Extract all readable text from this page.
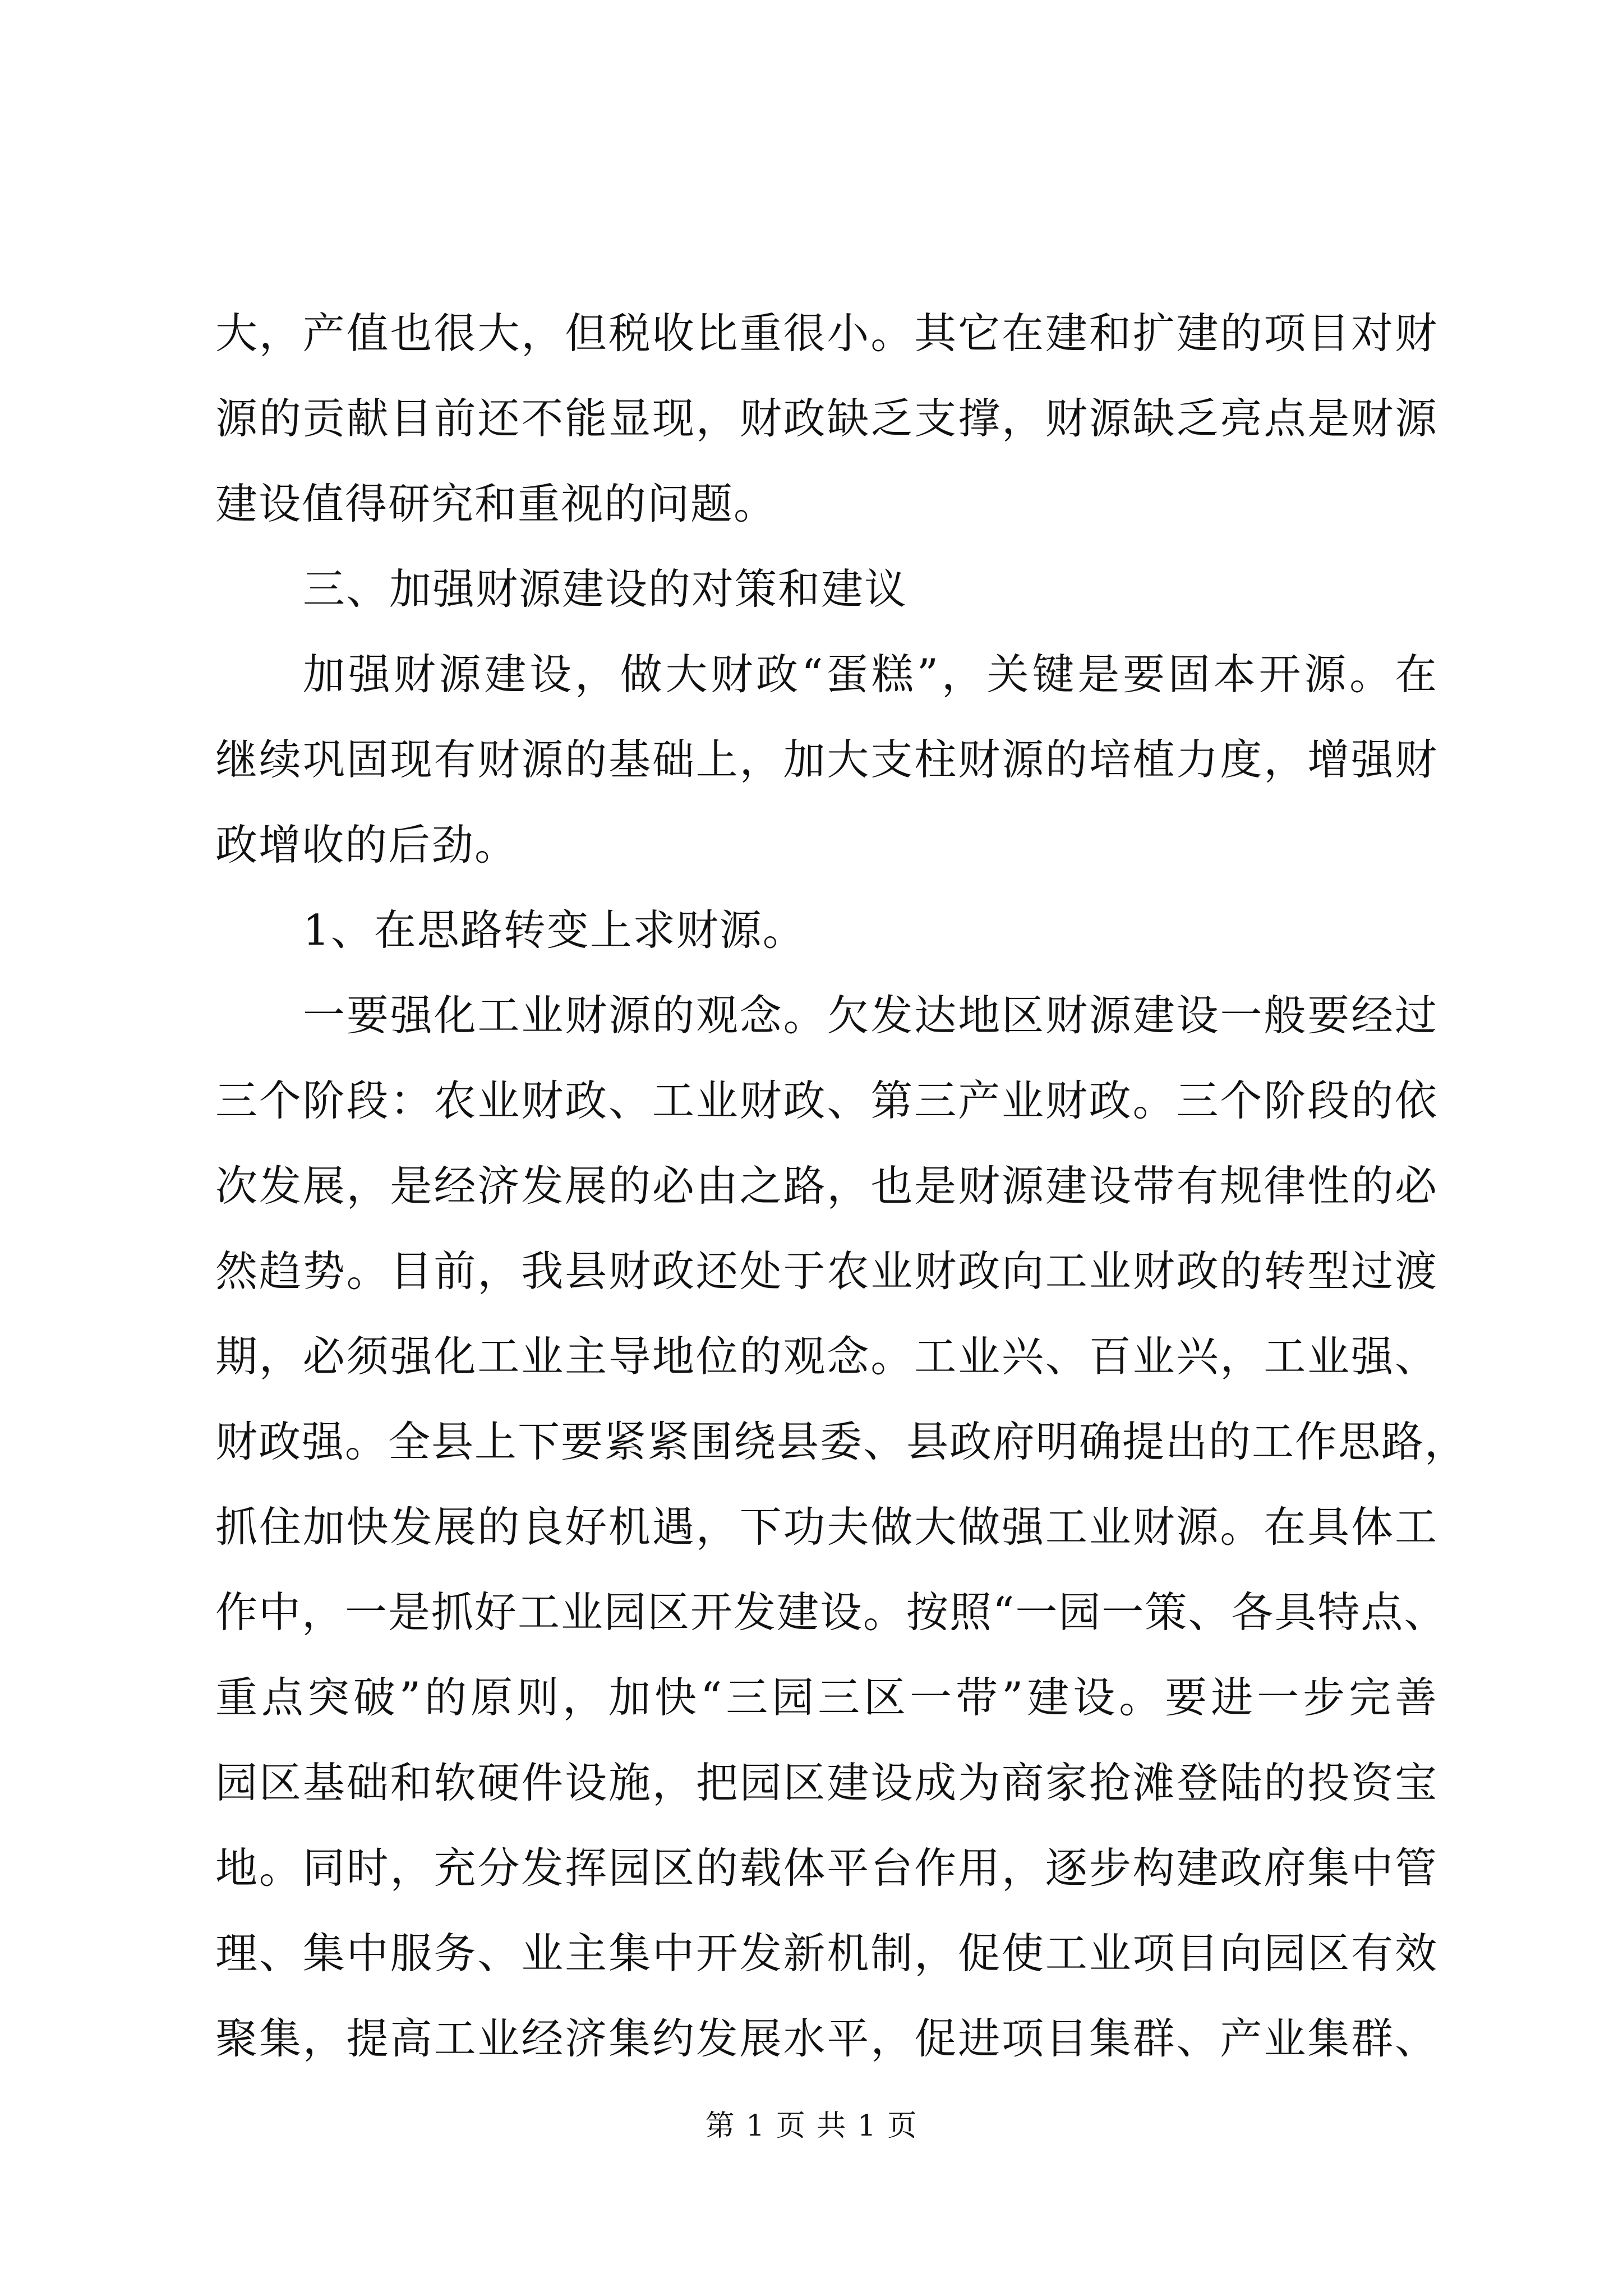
大，产值也很大，但税收比重很小。其它在建和扩建的项目对财
源的贡献目前还不能显现，财政缺乏支撑，财源缺乏亮点是财源
建设值得研究和重视的问题。
三、加强财源建设的对策和建议
加强财源建设，做大财政“蛋糕”，关键是要固本开源。在
继续巩固现有财源的基础上，加大支柱财源的培植力度，增强财
政增收的后劲。
1、在思路转变上求财源。
一要强化工业财源的观念。欠发达地区财源建设一般要经过
三个阶段：农业财政、工业财政、第三产业财政。三个阶段的依
次发展，是经济发展的必由之路，也是财源建设带有规律性的必
然趋势。目前，我县财政还处于农业财政向工业财政的转型过渡
期，必须强化工业主导地位的观念。工业兴、百业兴，工业强、
财政强。全县上下要紧紧围绕县委、县政府明确提出的工作思路，
抓住加快发展的良好机遇，下功夫做大做强工业财源。在具体工
作中，一是抓好工业园区开发建设。按照“一园一策、各具特点、
重点突破”的原则，加快“三园三区一带”建设。要进一步完善
园区基础和软硬件设施，把园区建设成为商家抢滩登陆的投资宝
地。同时，充分发挥园区的载体平台作用，逐步构建政府集中管
理、集中服务、业主集中开发新机制，促使工业项目向园区有效
聚集，提高工业经济集约发展水平，促进项目集群、产业集群、
第 1 页 共 1 页
